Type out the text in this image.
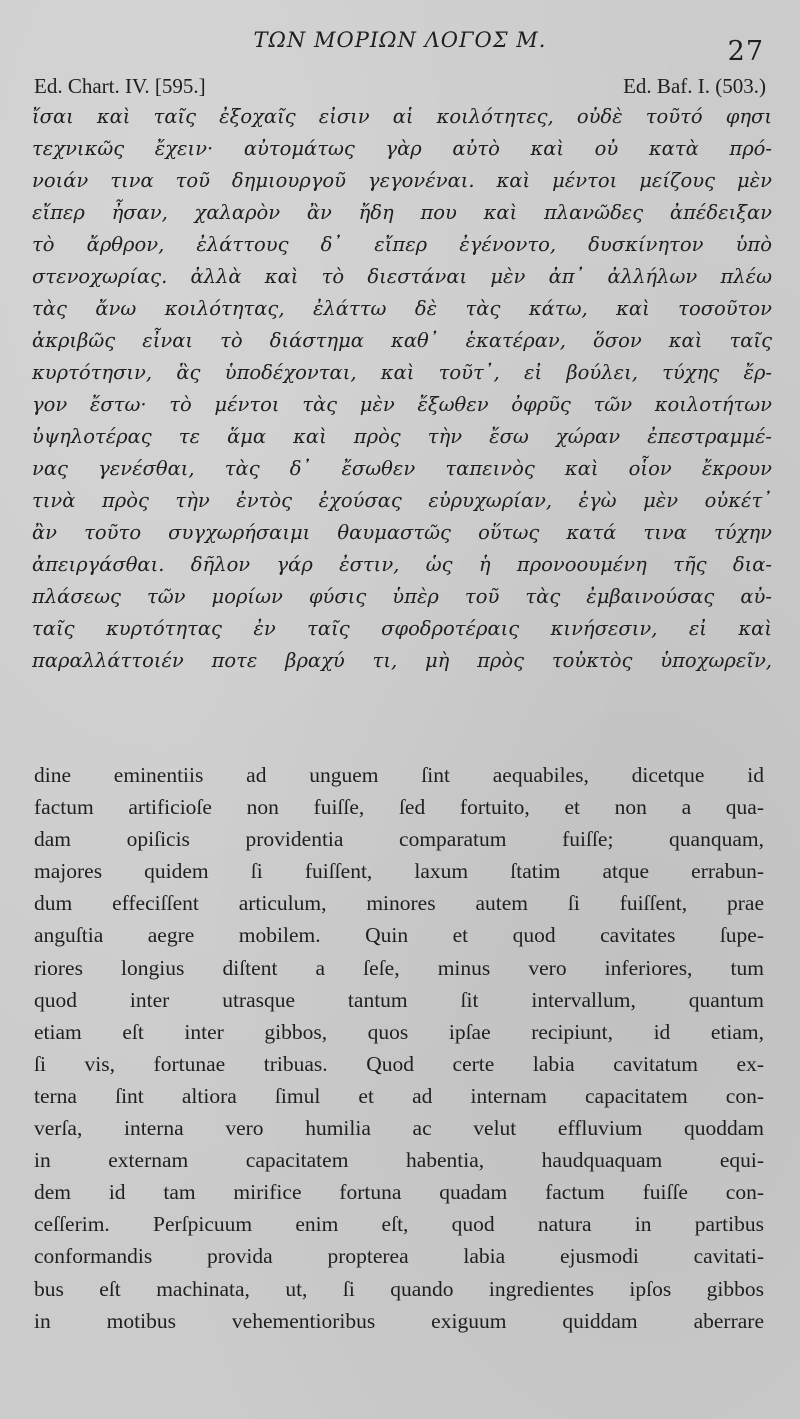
ΤΩΝ ΜΟΡΙΩΝ ΛΟΓΟΣ Μ.	27
Ed. Chart. IV. [595.]	Ed. Baf. I. (503.)
ἴσαι καὶ ταῖς ἐξοχαῖς εἰσιν αἱ κοιλότητες, οὐδὲ τοῦτό φησι
τεχνικῶς ἔχειν· αὐτομάτως γὰρ αὐτὸ καὶ οὐ κατὰ πρό-
νοιάν τινα τοῦ δημιουργοῦ γεγονέναι. καὶ μέντοι μείζους μὲν
εἴπερ ἦσαν, χαλαρὸν ἂν ἤδη που καὶ πλανῶδες ἀπέδειξαν
τὸ ἄρθρον, ἐλάττους δ᾽ εἴπερ ἐγένοντο, δυσκίνητον ὑπὸ
στενοχωρίας. ἀλλὰ καὶ τὸ διεστάναι μὲν ἀπ᾽ ἀλλήλων πλέω
τὰς ἄνω κοιλότητας, ἐλάττω δὲ τὰς κάτω, καὶ τοσοῦτον
ἀκριβῶς εἶναι τὸ διάστημα καθ᾽ ἑκατέραν, ὅσον καὶ ταῖς
κυρτότησιν, ἃς ὑποδέχονται, καὶ τοῦτ᾽, εἰ βούλει, τύχης ἔρ-
γον ἔστω· τὸ μέντοι τὰς μὲν ἔξωθεν ὀφρῦς τῶν κοιλοτήτων
ὑψηλοτέρας τε ἅμα καὶ πρὸς τὴν ἔσω χώραν ἐπεστραμμέ-
νας γενέσθαι, τὰς δ᾽ ἔσωθεν ταπεινὸς καὶ οἷον ἔκρουν
τινὰ πρὸς τὴν ἐντὸς ἐχούσας εὐρυχωρίαν, ἐγὼ μὲν οὐκέτ᾽
ἂν τοῦτο συγχωρήσαιμι θαυμαστῶς οὕτως κατά τινα τύχην
ἀπειργάσθαι. δῆλον γάρ ἐστιν, ὡς ἡ προνοουμένη τῆς δια-
πλάσεως τῶν μορίων φύσις ὑπὲρ τοῦ τὰς ἐμβαινούσας αὐ-
ταῖς κυρτότητας ἐν ταῖς σφοδροτέραις κινήσεσιν, εἰ καὶ
παραλλάττοιέν ποτε βραχύ τι, μὴ πρὸς τοὐκτὸς ὑποχωρεῖν,
dine eminentiis ad unguem ſint aequabiles, dicetque id
factum artificioſe non fuiſſe, ſed fortuito, et non a qua-
dam opiſicis providentia comparatum fuiſſe; quanquam,
majores quidem ſi fuiſſent, laxum ſtatim atque errabun-
dum effeciſſent articulum, minores autem ſi fuiſſent, prae
anguſtia aegre mobilem. Quin et quod cavitates ſupe-
riores longius diſtent a ſeſe, minus vero inferiores, tum
quod inter utrasque tantum ſit intervallum, quantum
etiam eſt inter gibbos, quos ipſae recipiunt, id etiam,
ſi vis, fortunae tribuas. Quod certe labia cavitatum ex-
terna ſint altiora ſimul et ad internam capacitatem con-
verſa, interna vero humilia ac velut effluvium quoddam
in externam capacitatem habentia, haudquaquam equi-
dem id tam mirifice fortuna quadam factum fuiſſe con-
ceſſerim. Perſpicuum enim eſt, quod natura in partibus
conformandis provida propterea labia ejusmodi cavitati-
bus eſt machinata, ut, ſi quando ingredientes ipſos gibbos
in motibus vehementioribus exiguum quiddam aberrare
